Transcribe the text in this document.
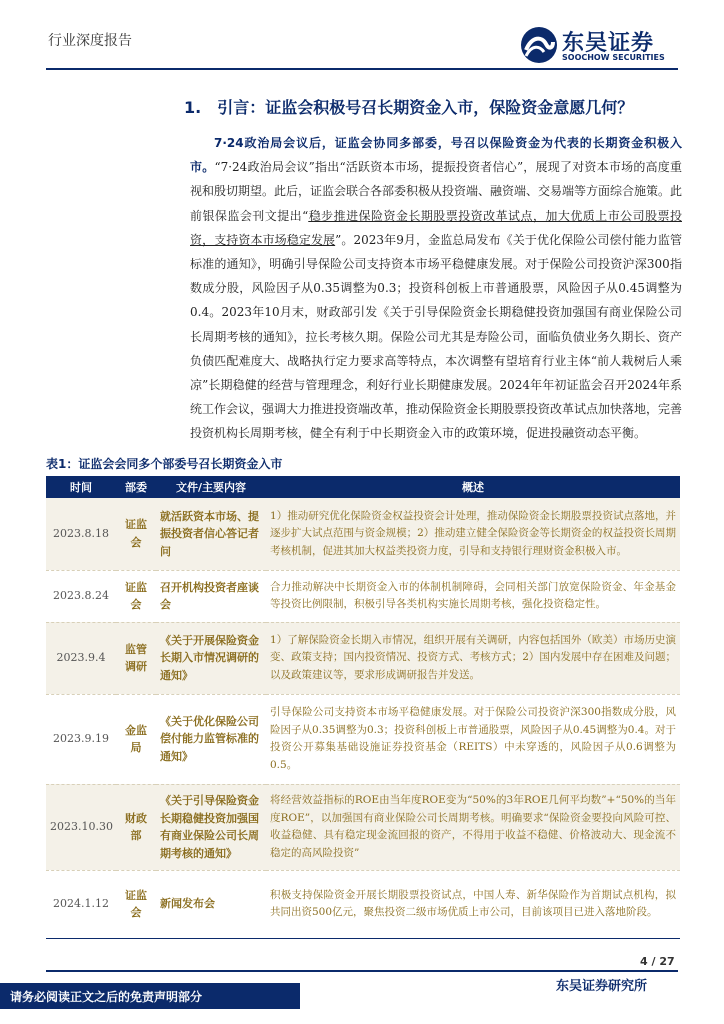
行业深度报告	东吴证券
SOOCHOW SECURITIES
1.　引言：证监会积极号召长期资金入市，保险资金意愿几何？

7·24政治局会议后，证监会协同多部委，号召以保险资金为代表的长期资金积极入市。“7·24政治局会议”指出“活跃资本市场，提振投资者信心”，展现了对资本市场的高度重视和殷切期望。此后，证监会联合各部委积极从投资端、融资端、交易端等方面综合施策。此前银保监会刊文提出“稳步推进保险资金长期股票投资改革试点，加大优质上市公司股票投资，支持资本市场稳定发展”。2023年9月，金监总局发布《关于优化保险公司偿付能力监管标准的通知》，明确引导保险公司支持资本市场平稳健康发展。对于保险公司投资沪深300指数成分股，风险因子从0.35调整为0.3；投资科创板上市普通股票，风险因子从0.45调整为0.4。2023年10月末，财政部引发《关于引导保险资金长期稳健投资加强国有商业保险公司长周期考核的通知》，拉长考核久期。保险公司尤其是寿险公司，面临负债业务久期长、资产负债匹配难度大、战略执行定力要求高等特点，本次调整有望培育行业主体“前人栽树后人乘凉”长期稳健的经营与管理理念，利好行业长期健康发展。2024年年初证监会召开2024年系统工作会议，强调大力推进投资端改革，推动保险资金长期股票投资改革试点加快落地，完善投资机构长周期考核，健全有利于中长期资金入市的政策环境，促进投融资动态平衡。

表1：证监会会同多个部委号召长期资金入市
时间	部委	文件/主要内容	概述
2023.8.18	证监会	就活跃资本市场、提振投资者信心答记者问	1）推动研究优化保险资金权益投资会计处理，推动保险资金长期股票投资试点落地，并逐步扩大试点范围与资金规模；2）推动建立健全保险资金等长期资金的权益投资长周期考核机制，促进其加大权益类投资力度，引导和支持银行理财资金积极入市。
2023.8.24	证监会	召开机构投资者座谈会	合力推动解决中长期资金入市的体制机制障碍，会同相关部门放宽保险资金、年金基金等投资比例限制，积极引导各类机构实施长周期考核，强化投资稳定性。
2023.9.4	监管调研	《关于开展保险资金长期入市情况调研的通知》	1）了解保险资金长期入市情况，组织开展有关调研，内容包括国外（欧美）市场历史演变、政策支持；国内投资情况、投资方式、考核方式；2）国内发展中存在困难及问题；以及政策建议等，要求形成调研报告并发送。
2023.9.19	金监局	《关于优化保险公司偿付能力监管标准的通知》	引导保险公司支持资本市场平稳健康发展。对于保险公司投资沪深300指数成分股，风险因子从0.35调整为0.3；投资科创板上市普通股票，风险因子从0.45调整为0.4。对于投资公开募集基础设施证券投资基金（REITS）中未穿透的，风险因子从0.6调整为0.5。
2023.10.30	财政部	《关于引导保险资金长期稳健投资加强国有商业保险公司长周期考核的通知》	将经营效益指标的ROE由当年度ROE变为“50%的3年ROE几何平均数”+“50%的当年度ROE”，以加强国有商业保险公司长周期考核。明确要求“保险资金要投向风险可控、收益稳健、具有稳定现金流回报的资产，不得用于收益不稳健、价格波动大、现金流不稳定的高风险投资”
2024.1.12	证监会	新闻发布会	积极支持保险资金开展长期股票投资试点，中国人寿、新华保险作为首期试点机构，拟共同出资500亿元，聚焦投资二级市场优质上市公司，目前该项目已进入落地阶段。
4 / 27
东吴证券研究所
请务必阅读正文之后的免责声明部分
